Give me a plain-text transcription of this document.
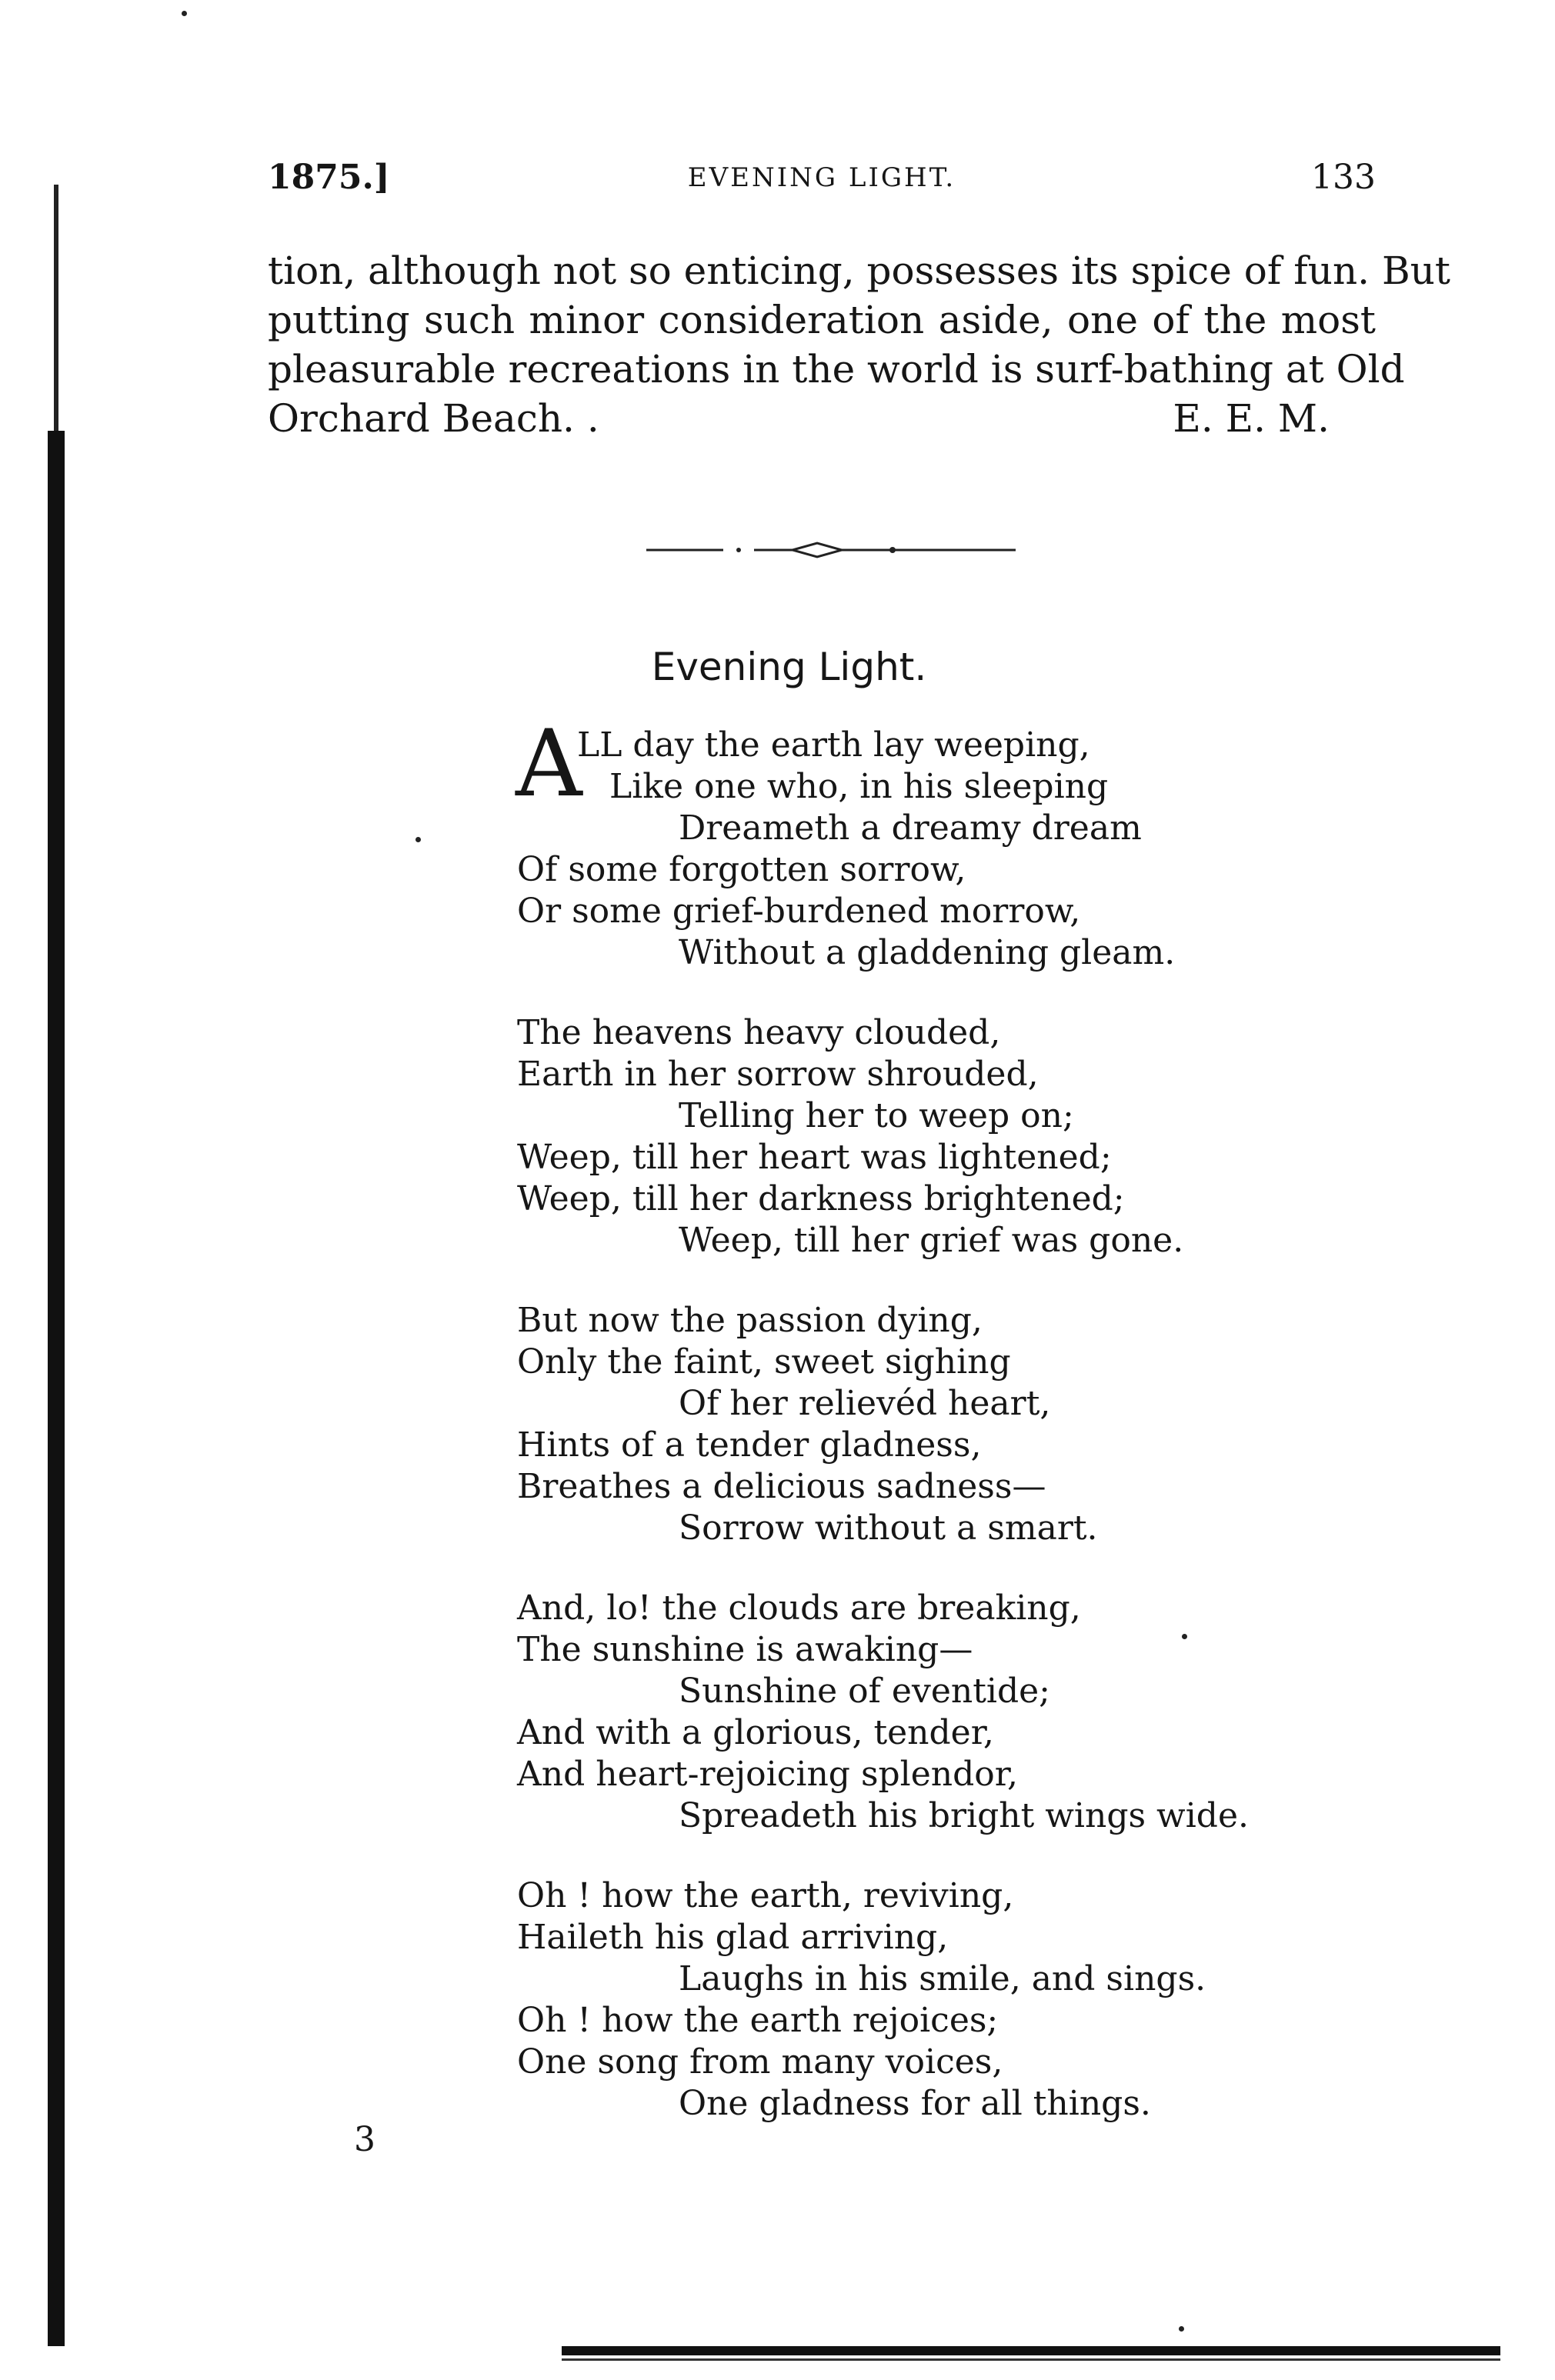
1875.]	EVENING LIGHT.	133
tion, although not so enticing, possesses its spice of fun. But
putting such minor consideration aside, one of the most
pleasurable recreations in the world is surf-bathing at Old
Orchard Beach. .	E. E. M.
Evening Light.
A
LL day the earth lay weeping,
Like one who, in his sleeping
Dreameth a dreamy dream
Of some forgotten sorrow,
Or some grief-burdened morrow,
Without a gladdening gleam.
The heavens heavy clouded,
Earth in her sorrow shrouded,
Telling her to weep on;
Weep, till her heart was lightened;
Weep, till her darkness brightened;
Weep, till her grief was gone.
But now the passion dying,
Only the faint, sweet sighing
Of her relievéd heart,
Hints of a tender gladness,
Breathes a delicious sadness—
Sorrow without a smart.
And, lo! the clouds are breaking,
The sunshine is awaking—
Sunshine of eventide;
And with a glorious, tender,
And heart-rejoicing splendor,
Spreadeth his bright wings wide.
Oh ! how the earth, reviving,
Haileth his glad arriving,
Laughs in his smile, and sings.
Oh ! how the earth rejoices;
One song from many voices,
One gladness for all things.
3
